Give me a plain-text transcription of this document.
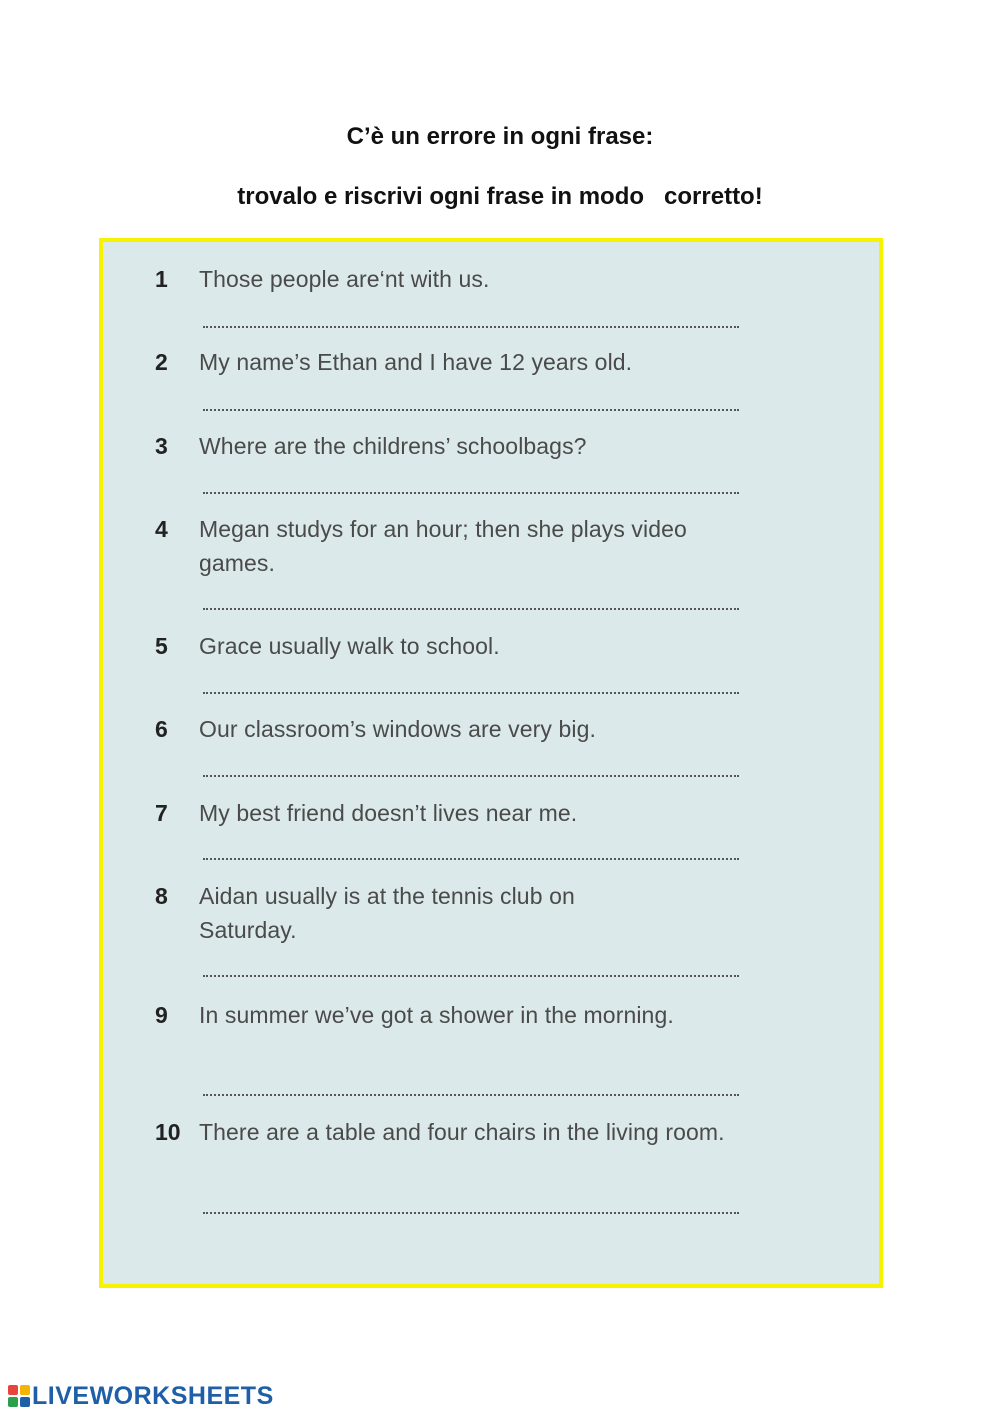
C’è un errore in ogni frase:

trovalo e riscrivi ogni frase in modo   corretto!

1	Those people are‘nt with us.
2	My name’s Ethan and I have 12 years old.
3	Where are the childrens’ schoolbags?
4	Megan studys for an hour; then she plays video games.
5	Grace usually walk to school.
6	Our classroom’s windows are very big.
7	My best friend doesn’t lives near me.
8	Aidan usually is at the tennis club on Saturday.
9	In summer we’ve got a shower in the morning.
10 There are a table and four chairs in the living room.
LIVEWORKSHEETS
